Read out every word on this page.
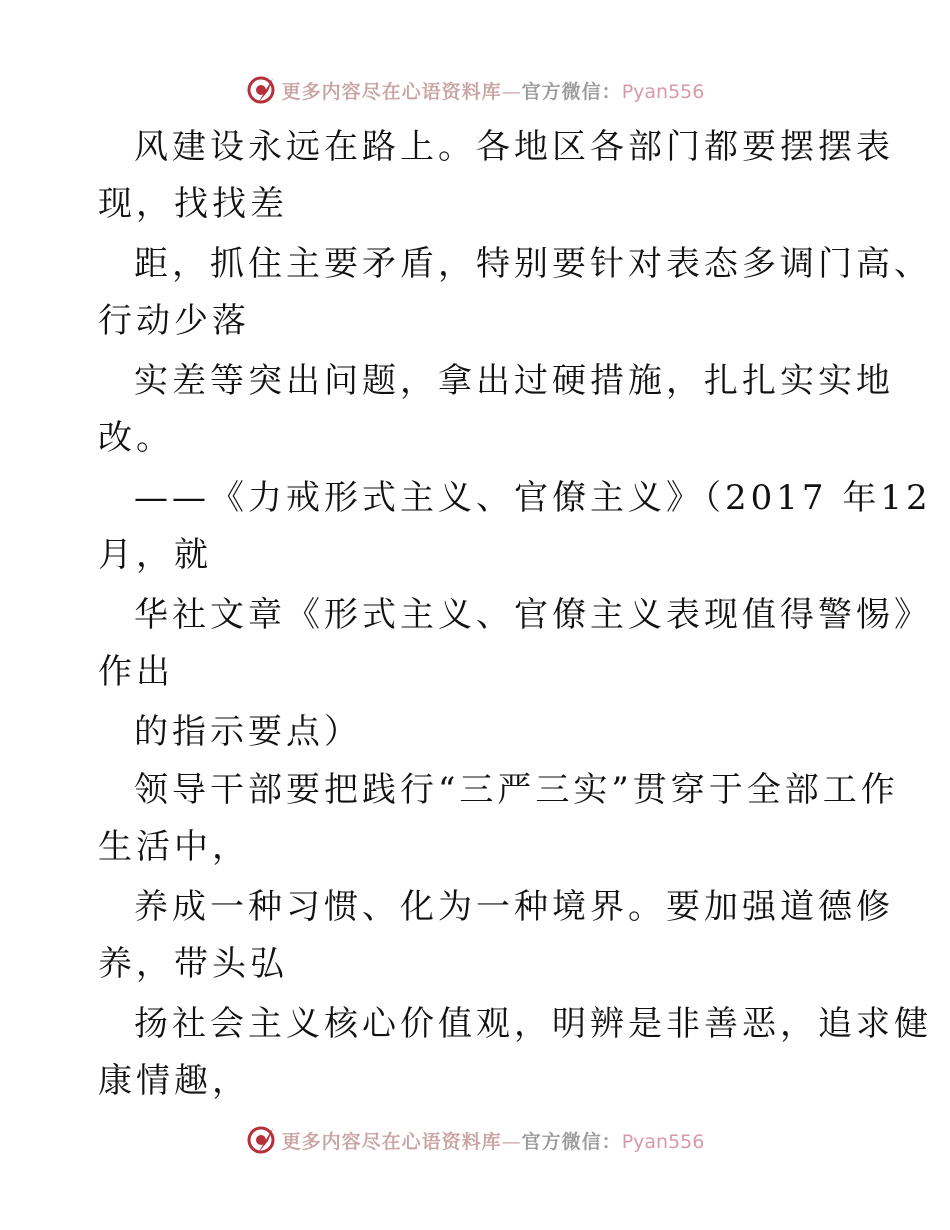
更多内容尽在心语资料库—官方微信：Pyan556
风建设永远在路上。各地区各部门都要摆摆表
现，找找差
距，抓住主要矛盾，特别要针对表态多调门高、
行动少落
实差等突出问题，拿出过硬措施，扎扎实实地
改。
——《力戒形式主义、官僚主义》（2017 年12
月，就
华社文章《形式主义、官僚主义表现值得警惕》
作出
的指示要点）
领导干部要把践行“三严三实”贯穿于全部工作
生活中，
养成一种习惯、化为一种境界。要加强道德修
养，带头弘
扬社会主义核心价值观，明辨是非善恶，追求健
康情趣，
更多内容尽在心语资料库—官方微信：Pyan556
